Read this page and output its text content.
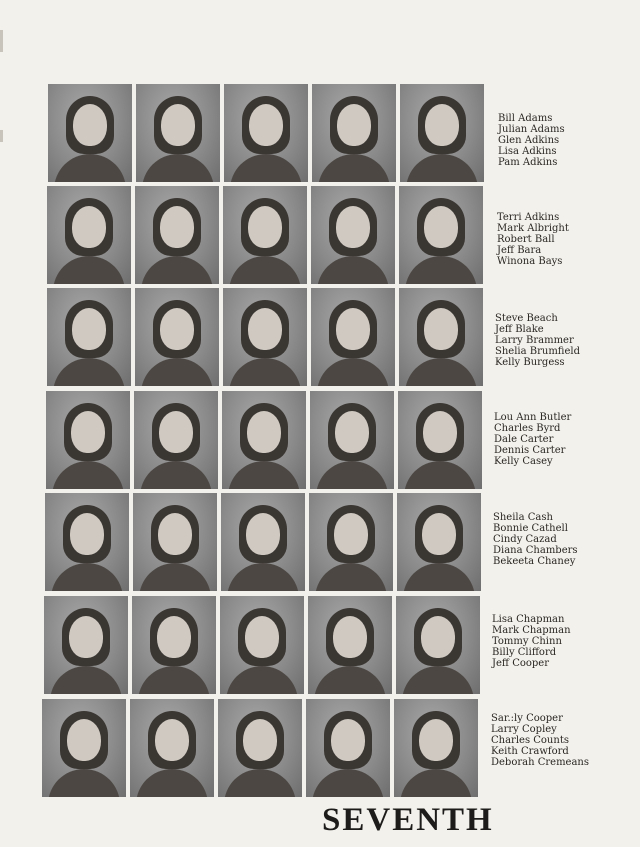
Bill Adams
Julian Adams
Glen Adkins
Lisa Adkins
Pam Adkins
Terri Adkins
Mark Albright
Robert Ball
Jeff Bara
Winona Bays
Steve Beach
Jeff Blake
Larry Brammer
Shelia Brumfield
Kelly Burgess
Lou Ann Butler
Charles Byrd
Dale Carter
Dennis Carter
Kelly Casey
Sheila Cash
Bonnie Cathell
Cindy Cazad
Diana Chambers
Bekeeta Chaney
Lisa Chapman
Mark Chapman
Tommy Chinn
Billy Clifford
Jeff Cooper
Sar.:ly Cooper
Larry Copley
Charles Counts
Keith Crawford
Deborah Cremeans
SEVENTH
